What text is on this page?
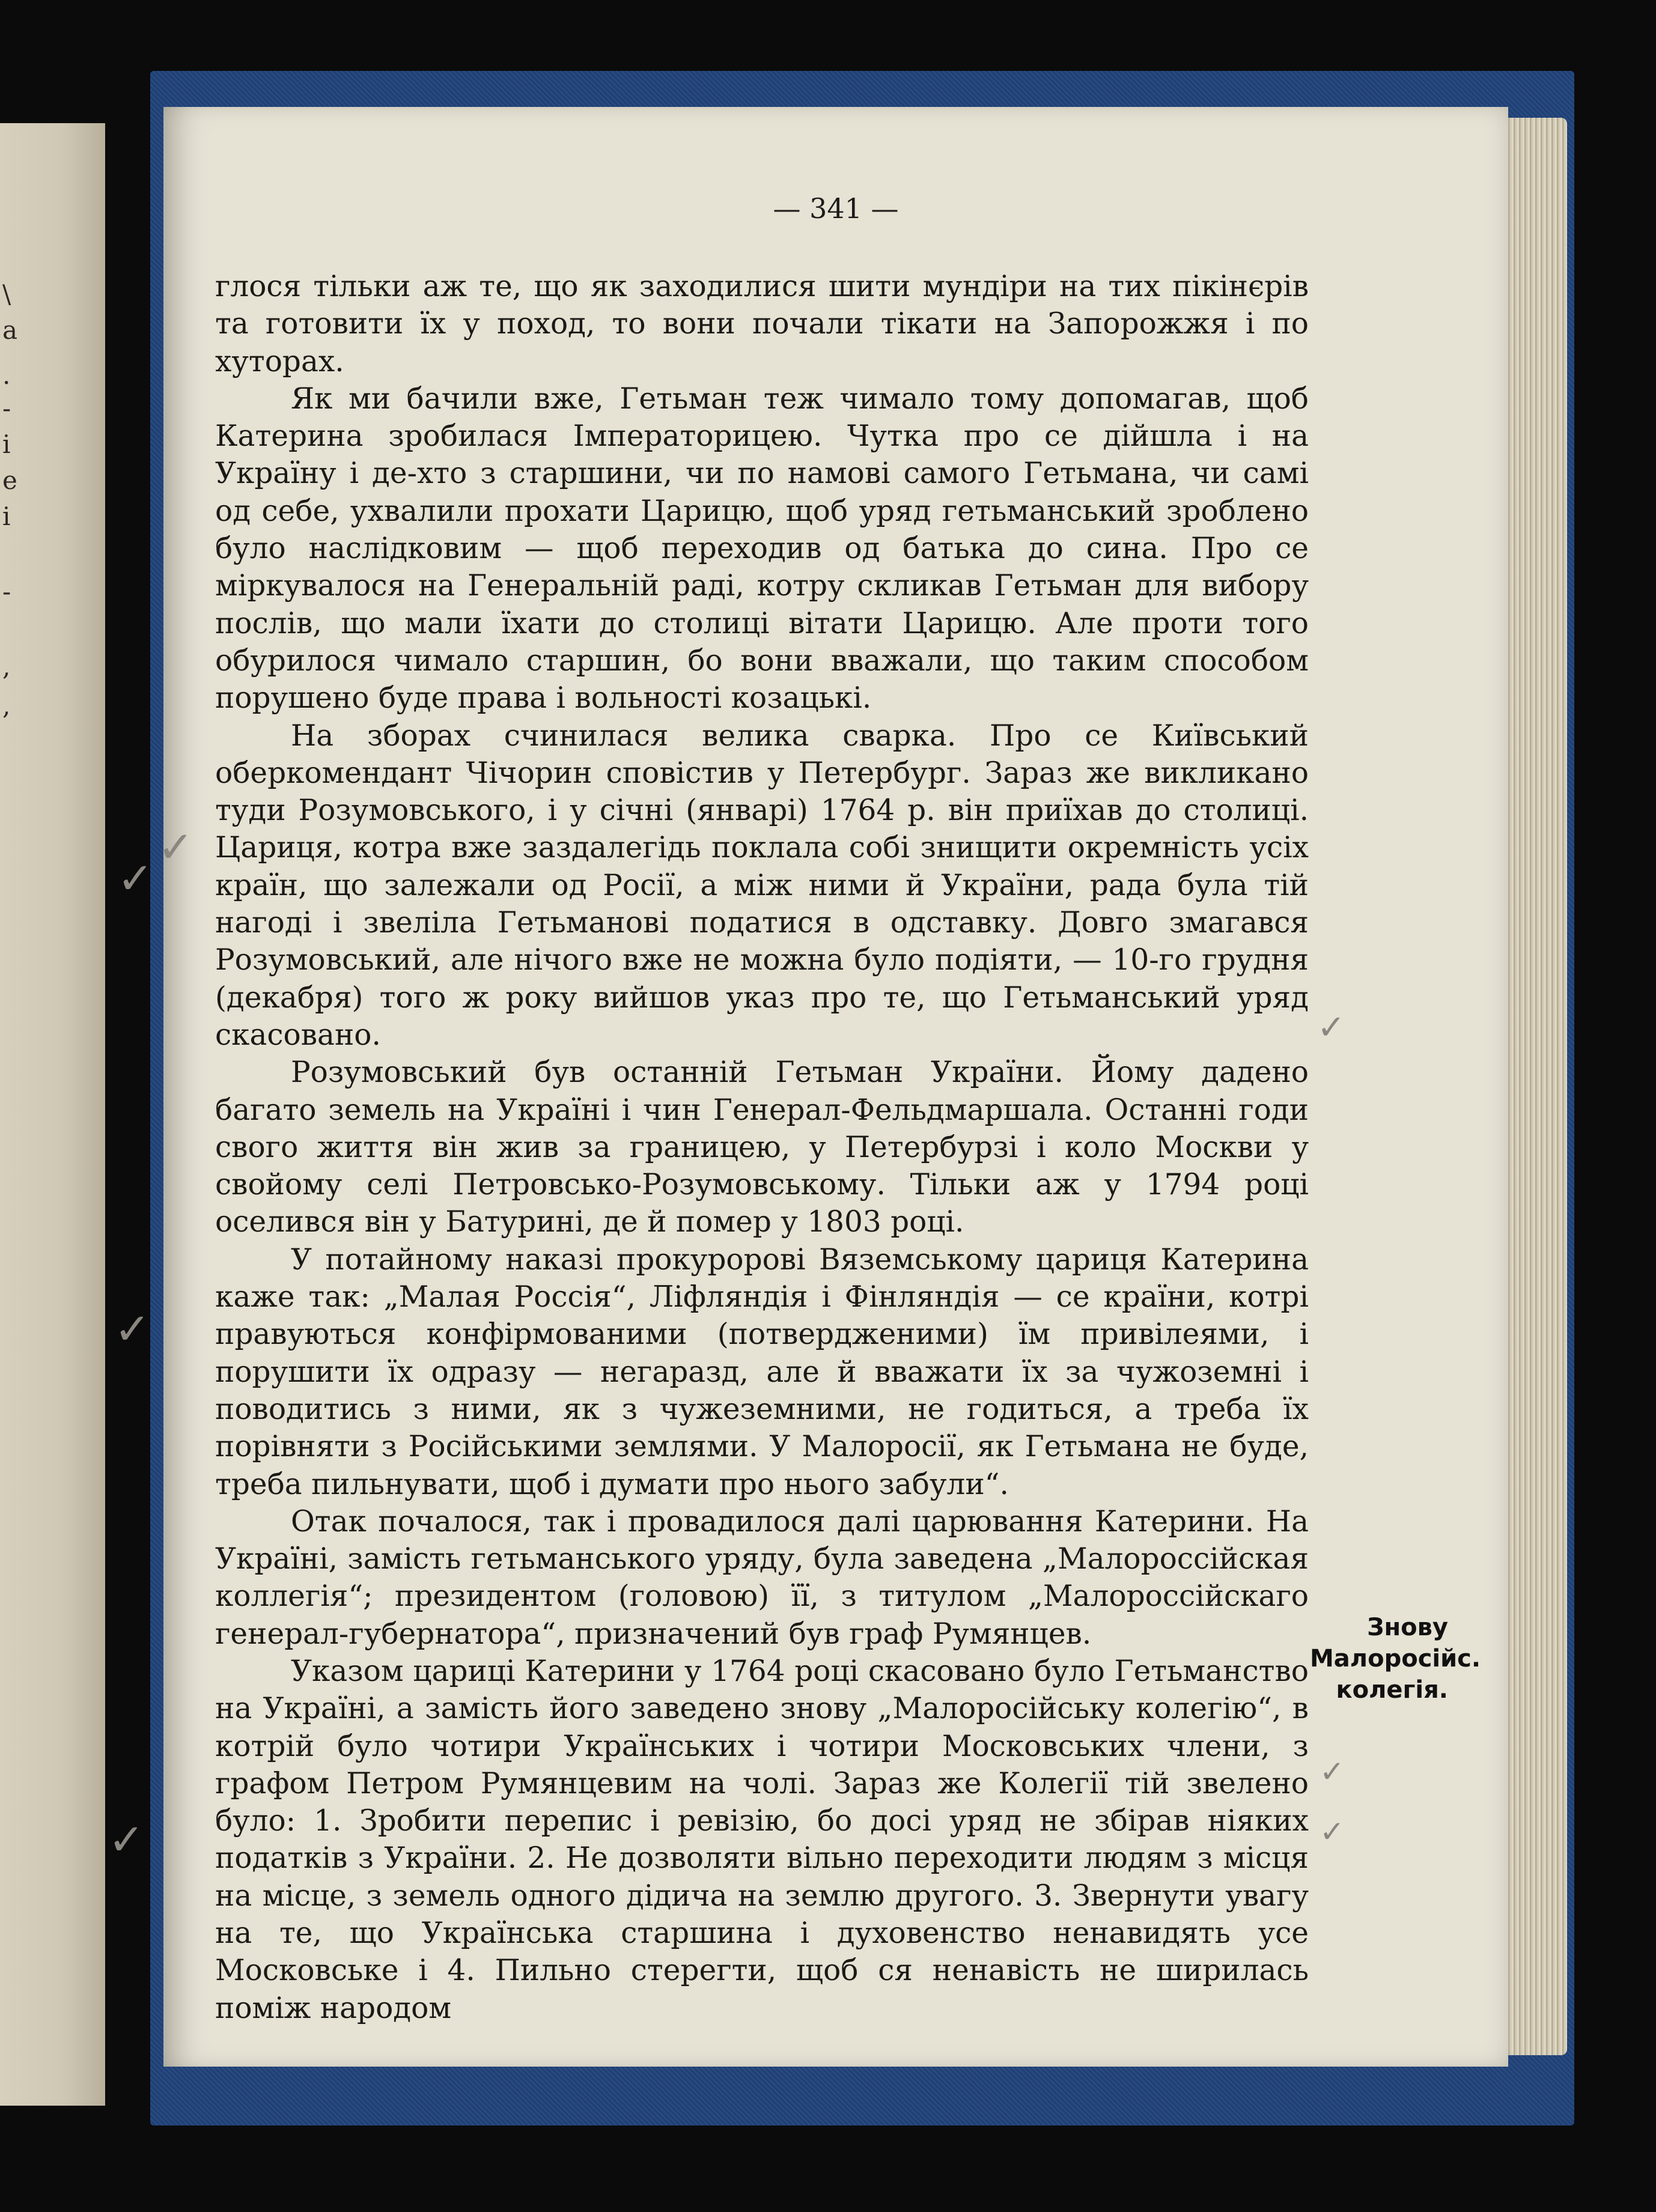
\
а
.
-
і
е
і
-
,
,
— 341 —

глося тільки аж те, що як заходилися шити мундіри на тих пікінєрів та готовити їх у поход, то вони почали тікати на Запорожжя і по хуторах.

Як ми бачили вже, Гетьман теж чимало тому допомагав, щоб Катерина зробилася Імператорицею. Чутка про се дійшла і на Україну і де-хто з старшини, чи по намові самого Гетьмана, чи самі од себе, ухвалили прохати Царицю, щоб уряд гетьманський зроблено було наслідковим — щоб переходив од батька до сина. Про се міркувалося на Генеральній раді, котру скликав Гетьман для вибору послів, що мали їхати до столиці вітати Царицю. Але проти того обурилося чимало старшин, бо вони вважали, що таким способом порушено буде права і вольності козацькі.

На зборах счинилася велика сварка. Про се Київський оберкомендант Чічорин сповістив у Петербург. Зараз же викликано туди Розумовського, і у січні (январі) 1764 р. він приїхав до столиці. Цариця, котра вже заздалегідь поклала собі знищити окремність усіх країн, що залежали од Росії, а між ними й України, рада була тій нагоді і звеліла Гетьманові податися в одставку. Довго змагався Розумовський, але нічого вже не можна було подіяти, — 10-го грудня (декабря) того ж року вийшов указ про те, що Гетьманський уряд скасовано.

Розумовський був останній Гетьман України. Йому дадено багато земель на Україні і чин Генерал-Фельдмаршала. Останні годи свого життя він жив за границею, у Петербурзі і коло Москви у свойому селі Петровсько-Розумовському. Тільки аж у 1794 році оселився він у Батурині, де й помер у 1803 році.

У потайному наказі прокуророві Вяземському цариця Катерина каже так: „Малая Россія“, Ліфляндія і Фінляндія — се країни, котрі правуються конфірмованими (потвердженими) їм привілеями, і порушити їх одразу — негаразд, але й вважати їх за чужоземні і поводитись з ними, як з чужеземними, не годиться, а треба їх порівняти з Російськими землями. У Малоросії, як Гетьмана не буде, треба пильнувати, щоб і думати про нього забули“.

Отак почалося, так і провадилося далі царювання Катерини. На Україні, замість гетьманського уряду, була заведена „Малороссійская коллегія“; президентом (головою) її, з титулом „Малороссійскаго генерал-губернатора“, призначений був граф Румянцев.

Указом цариці Катерини у 1764 році скасовано було Гетьманство на Україні, а замість його заведено знову „Малоросійську колегію“, в котрій було чотири Українських і чотири Московських члени, з графом Петром Румянцевим на чолі. Зараз же Колегії тій звелено було: 1. Зробити перепис і ревізію, бо досі уряд не збірав ніяких податків з України. 2. Не дозволяти вільно переходити людям з місця на місце, з земель одного дідича на землю другого. 3. Звернути увагу на те, що Українська старшина і духовенство ненавидять усе Московське і 4. Пильно стерегти, щоб ся ненавість не ширилась поміж народом

Знову Малоросійс. колегія.
✓
✓
✓
✓
✓
✓
✓
